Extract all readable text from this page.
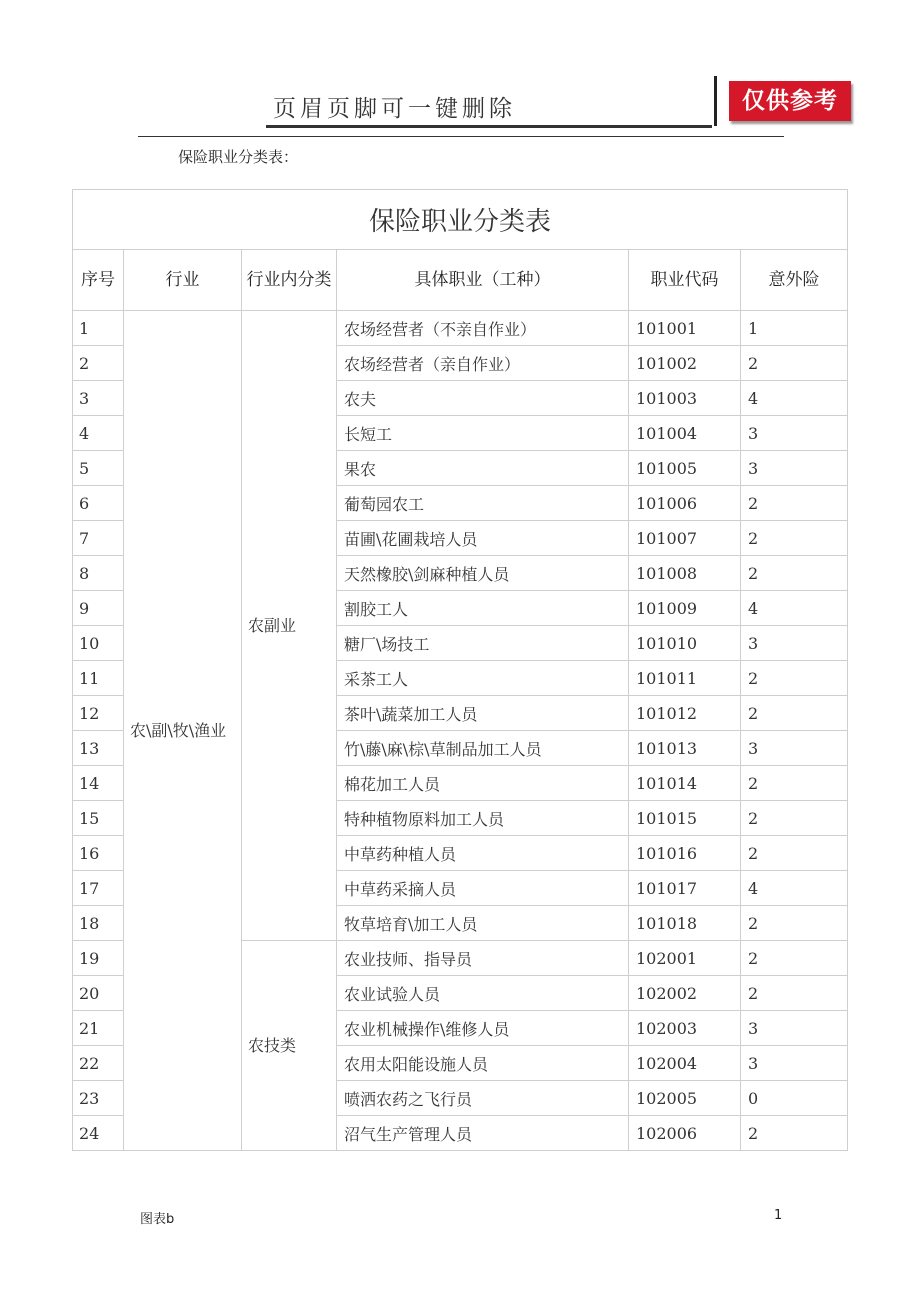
页眉页脚可一键删除	仅供参考
保险职业分类表：
保险职业分类表					
序号	行业	行业内分类	具体职业（工种）	职业代码	意外险
1	农\副\牧\渔业	农副业	农场经营者（不亲自作业）	101001	1
2			农场经营者（亲自作业）	101002	2
3			农夫	101003	4
4			长短工	101004	3
5			果农	101005	3
6			葡萄园农工	101006	2
7			苗圃\花圃栽培人员	101007	2
8			天然橡胶\剑麻种植人员	101008	2
9			割胶工人	101009	4
10			糖厂\场技工	101010	3
11			采茶工人	101011	2
12			茶叶\蔬菜加工人员	101012	2
13			竹\藤\麻\棕\草制品加工人员	101013	3
14			棉花加工人员	101014	2
15			特种植物原料加工人员	101015	2
16			中草药种植人员	101016	2
17			中草药采摘人员	101017	4
18			牧草培育\加工人员	101018	2
19		农技类	农业技师、指导员	102001	2
20			农业试验人员	102002	2
21			农业机械操作\维修人员	102003	3
22			农用太阳能设施人员	102004	3
23			喷洒农药之飞行员	102005	0
24			沼气生产管理人员	102006	2
图表b	1
